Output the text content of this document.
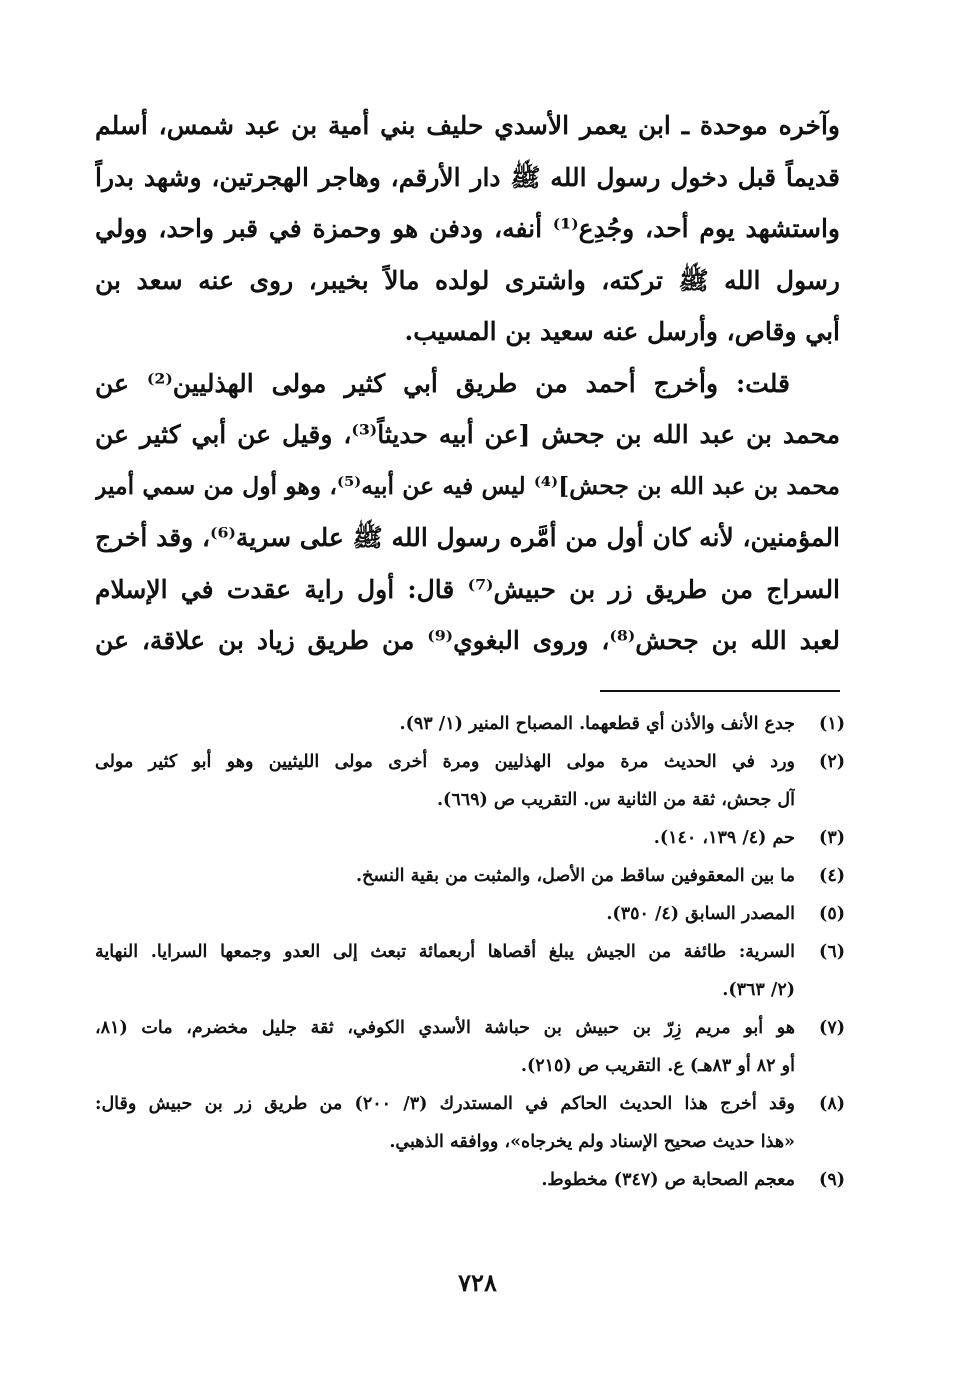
وآخره موحدة ـ ابن يعمر الأسدي حليف بني أمية بن عبد شمس، أسلم
قديماً قبل دخول رسول الله ﷺ دار الأرقم، وهاجر الهجرتين، وشهد بدراً
واستشهد يوم أحد، وجُدِع⁽¹⁾ أنفه، ودفن هو وحمزة في قبر واحد، وولي
رسول الله ﷺ تركته، واشترى لولده مالاً بخيبر، روى عنه سعد بن
أبي وقاص، وأرسل عنه سعيد بن المسيب.
قلت: وأخرج أحمد من طريق أبي كثير مولى الهذليين⁽²⁾ عن
محمد بن عبد الله بن جحش [عن أبيه حديثاً⁽³⁾، وقيل عن أبي كثير عن
محمد بن عبد الله بن جحش]⁽⁴⁾ ليس فيه عن أبيه⁽⁵⁾، وهو أول من سمي أمير
المؤمنين، لأنه كان أول من أمَّره رسول الله ﷺ على سرية⁽⁶⁾، وقد أخرج
السراج من طريق زر بن حبيش⁽⁷⁾ قال: أول راية عقدت في الإسلام
لعبد الله بن جحش⁽⁸⁾، وروى البغوي⁽⁹⁾ من طريق زياد بن علاقة، عن
(١)
جدع الأنف والأذن أي قطعهما. المصباح المنير (١/ ٩٣).
(٢)
ورد في الحديث مرة مولى الهذليين ومرة أخرى مولى الليثيين وهو أبو كثير مولى
آل جحش، ثقة من الثانية س. التقريب ص (٦٦٩).
(٣)
حم (٤/ ١٣٩، ١٤٠).
(٤)
ما بين المعقوفين ساقط من الأصل، والمثبت من بقية النسخ.
(٥)
المصدر السابق (٤/ ٣٥٠).
(٦)
السرية: طائفة من الجيش يبلغ أقصاها أربعمائة تبعث إلى العدو وجمعها السرايا. النهاية
(٢/ ٣٦٣).
(٧)
هو أبو مريم زِرّ بن حبيش بن حباشة الأسدي الكوفي، ثقة جليل مخضرم، مات (٨١،
أو ٨٢ أو ٨٣هـ) ع. التقريب ص (٢١٥).
(٨)
وقد أخرج هذا الحديث الحاكم في المستدرك (٣/ ٢٠٠) من طريق زر بن حبيش وقال:
«هذا حديث صحيح الإسناد ولم يخرجاه»، ووافقه الذهبي.
(٩)
معجم الصحابة ص (٣٤٧) مخطوط.
٧٢٨
